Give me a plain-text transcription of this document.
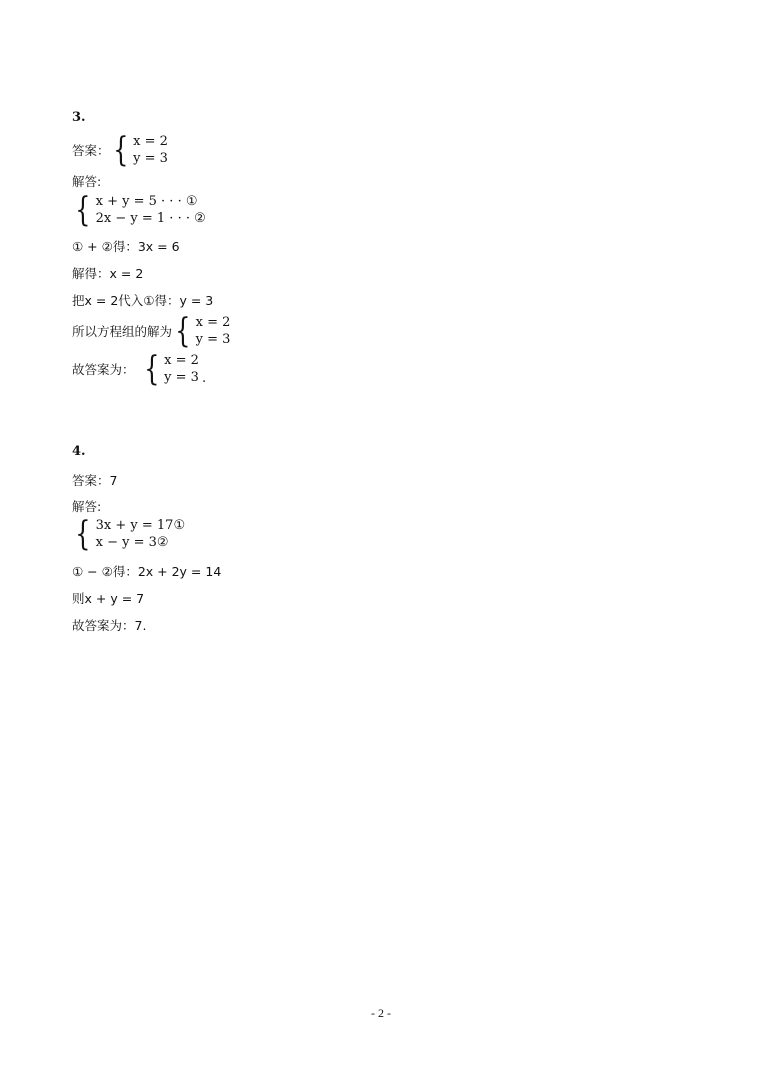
3.
答案： { x = 2
y = 3
解答:
{ x + y = 5 · · · ①
2x − y = 1 · · · ②
① + ②得：3x = 6
解得：x = 2
把x = 2代入①得：y = 3
所以方程组的解为 { x = 2
y = 3
故答案为： { x = 2
y = 3 .
4.
答案：7
解答:
{ 3x + y = 17①
x − y = 3②
① − ②得：2x + 2y = 14
则x + y = 7
故答案为：7.
- 2 -
